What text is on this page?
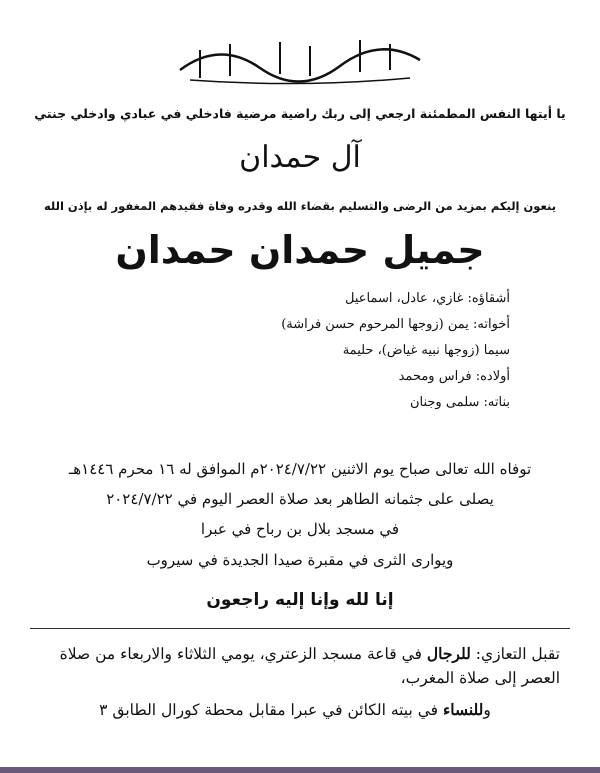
يا أيتها النفس المطمئنة ارجعي إلى ربك راضية مرضية فادخلي في عبادي وادخلي جنتي
آل حمدان
ينعون إليكم بمزيد من الرضى والتسليم بقضاء الله وقدره وفاة فقيدهم المغفور له بإذن الله
جميل حمدان حمدان
أشقاؤه: غازي، عادل، اسماعيل
أخواته: يمن (زوجها المرحوم حسن فراشة)
سيما (زوجها نبيه غياض)، حليمة
أولاده: فراس ومحمد
بناته: سلمى وجنان
توفاه الله تعالى صباح يوم الاثنين ٢٠٢٤/٧/٢٢م الموافق له ١٦ محرم ١٤٤٦هـ
يصلى على جثمانه الطاهر بعد صلاة العصر اليوم في ٢٠٢٤/٧/٢٢
في مسجد بلال بن رباح في عبرا
ويوارى الثرى في مقبرة صيدا الجديدة في سيروب
إنا لله وإنا إليه راجعون
تقبل التعازي: للرجال في قاعة مسجد الزعتري، يومي الثلاثاء والاربعاء من صلاة العصر إلى صلاة المغرب،
وللنساء في بيته الكائن في عبرا مقابل محطة كورال الطابق ٣
